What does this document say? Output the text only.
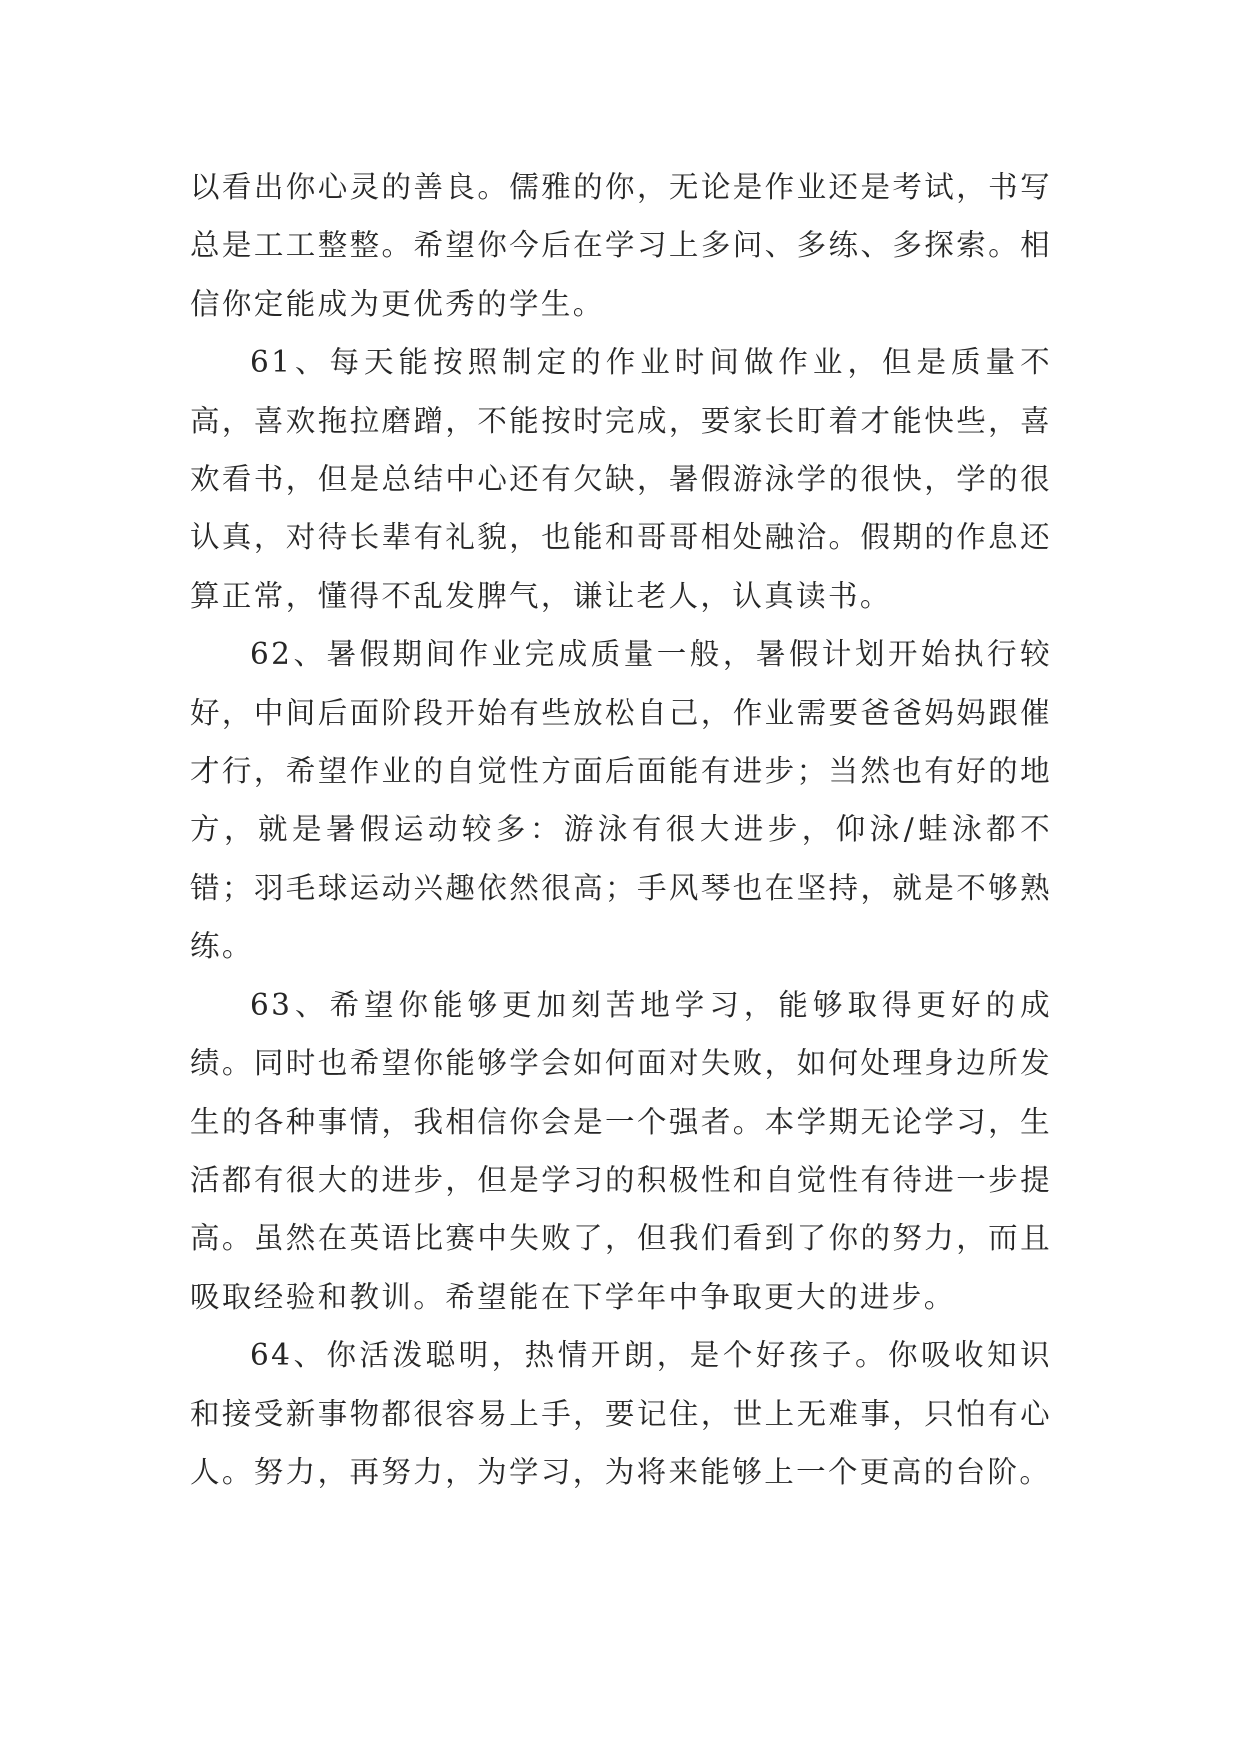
以看出你心灵的善良。儒雅的你，无论是作业还是考试，书写总是工工整整。希望你今后在学习上多问、多练、多探索。相信你定能成为更优秀的学生。

61、每天能按照制定的作业时间做作业，但是质量不高，喜欢拖拉磨蹭，不能按时完成，要家长盯着才能快些，喜欢看书，但是总结中心还有欠缺，暑假游泳学的很快，学的很认真，对待长辈有礼貌，也能和哥哥相处融洽。假期的作息还算正常，懂得不乱发脾气，谦让老人，认真读书。

62、暑假期间作业完成质量一般，暑假计划开始执行较好，中间后面阶段开始有些放松自己，作业需要爸爸妈妈跟催才行，希望作业的自觉性方面后面能有进步；当然也有好的地方，就是暑假运动较多：游泳有很大进步，仰泳/蛙泳都不错；羽毛球运动兴趣依然很高；手风琴也在坚持，就是不够熟练。

63、希望你能够更加刻苦地学习，能够取得更好的成绩。同时也希望你能够学会如何面对失败，如何处理身边所发生的各种事情，我相信你会是一个强者。本学期无论学习，生活都有很大的进步，但是学习的积极性和自觉性有待进一步提高。虽然在英语比赛中失败了，但我们看到了你的努力，而且吸取经验和教训。希望能在下学年中争取更大的进步。

64、你活泼聪明，热情开朗，是个好孩子。你吸收知识和接受新事物都很容易上手，要记住，世上无难事，只怕有心人。努力，再努力，为学习，为将来能够上一个更高的台阶。
